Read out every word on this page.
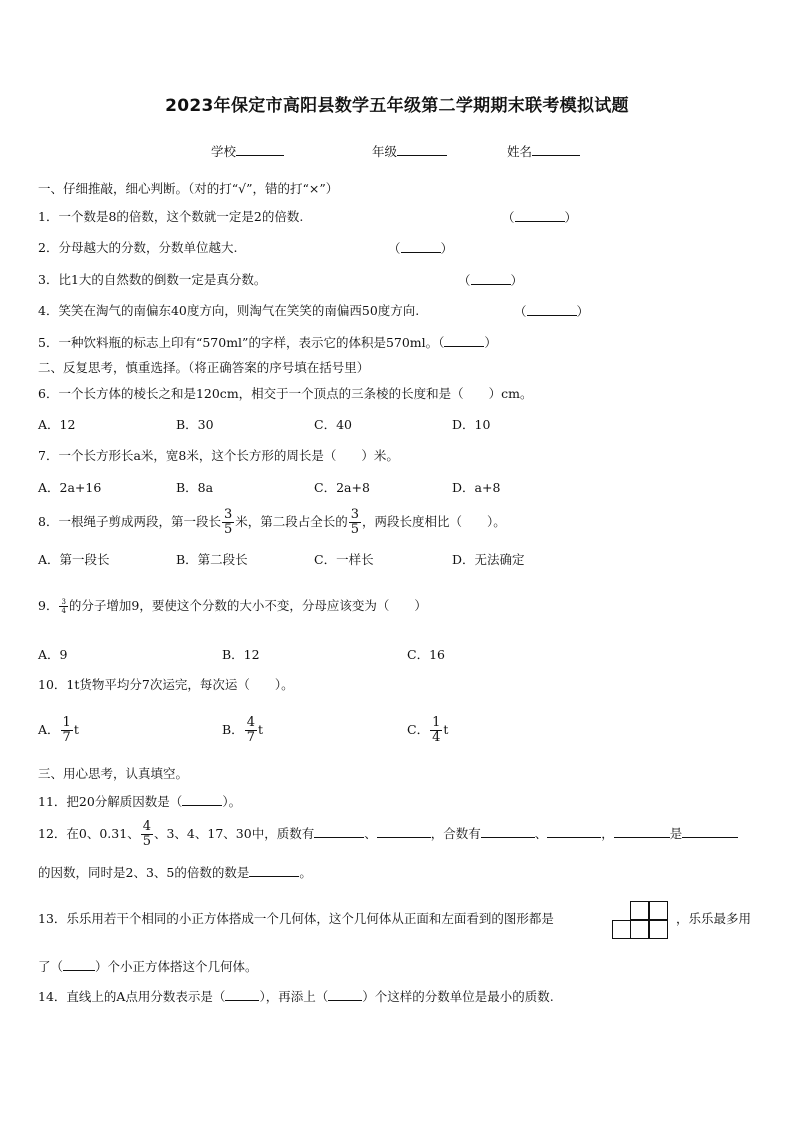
2023年保定市高阳县数学五年级第二学期期末联考模拟试题
学校	年级	姓名
一、仔细推敲，细心判断。（对的打“√”，错的打“×”）
1．一个数是8的倍数，这个数就一定是2的倍数.	（	）
2．分母越大的分数，分数单位越大.	（	）
3．比1大的自然数的倒数一定是真分数。	（	）
4．笑笑在淘气的南偏东40度方向，则淘气在笑笑的南偏西50度方向.	（	）
5．一种饮料瓶的标志上印有“570ml”的字样，表示它的体积是570ml。（	）
二、反复思考，慎重选择。（将正确答案的序号填在括号里）
6．一个长方体的棱长之和是120cm，相交于一个顶点的三条棱的长度和是（　　）cm。
A．12	B．30	C．40	D．10
7．一个长方形长a米，宽8米，这个长方形的周长是（　　）米。
A．2a+16	B．8a	C．2a+8	D．a+8
8．一根绳子剪成两段，第一段长 $\frac{3}{5}$ 米，第二段占全长的 $\frac{3}{5}$ ，两段长度相比（　　）。
A．第一段长	B．第二段长	C．一样长	D．无法确定
9． $\frac{3}{4}$ 的分子增加9，要使这个分数的大小不变，分母应该变为（　　）
A．9	B．12	C．16
10．1t货物平均分7次运完，每次运（　　）。
A． $\frac{1}{7}$ t	B． $\frac{4}{7}$ t	C． $\frac{1}{4}$ t
三、用心思考，认真填空。
11．把20分解质因数是（	）。
12．在0、0.31、 $\frac{4}{5}$ 、3、4、17、30中，质数有	、	，合数有	、	，	是
的因数，同时是2、3、5的倍数的数是	。
13．乐乐用若干个相同的小正方体搭成一个几何体，这个几何体从正面和左面看到的图形都是	，乐乐最多用
了（	）个小正方体搭这个几何体。
14．直线上的A点用分数表示是（	），再添上（	）个这样的分数单位是最小的质数.
